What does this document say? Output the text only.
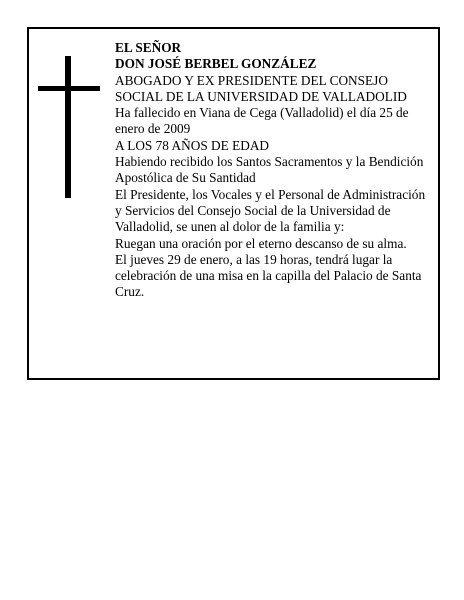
EL SEÑOR

DON JOSÉ BERBEL GONZÁLEZ

ABOGADO Y EX PRESIDENTE DEL CONSEJO SOCIAL DE LA UNIVERSIDAD DE VALLADOLID

Ha fallecido en Viana de Cega (Valladolid) el día 25 de enero de 2009

A LOS 78 AÑOS DE EDAD

Habiendo recibido los Santos Sacramentos y la Bendición Apostólica de Su Santidad

El Presidente, los Vocales y el Personal de Administración y Servicios del Consejo Social de la Universidad de Valladolid, se unen al dolor de la familia y:

Ruegan una oración por el eterno descanso de su alma.

El jueves 29 de enero, a las 19 horas, tendrá lugar la celebración de una misa en la capilla del Palacio de Santa Cruz.
